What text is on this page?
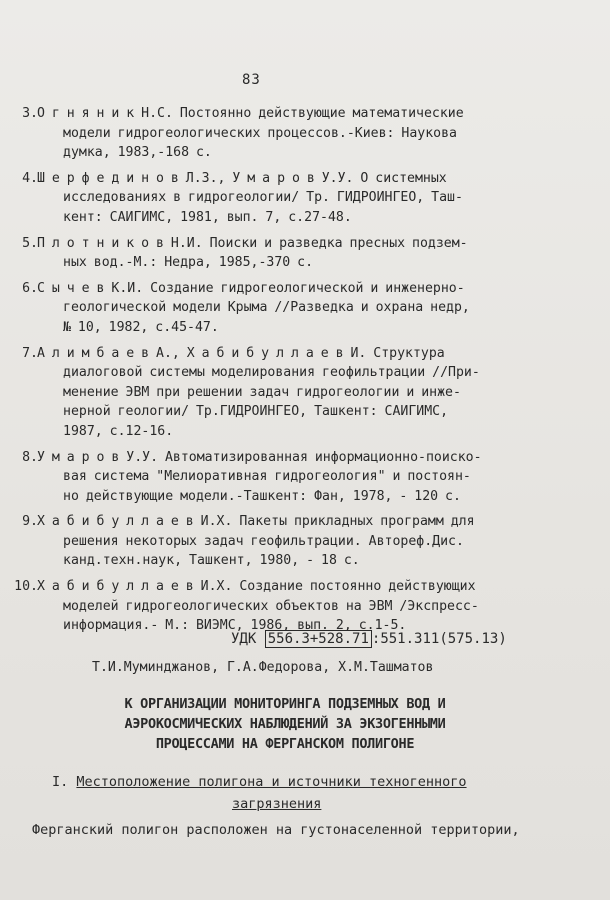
83
3. О г н я н и к Н.С. Постоянно действующие математические
модели гидрогеологических процессов.-Киев: Наукова
думка, 1983,-168 с.
4. Ш е р ф е д и н о в Л.З., У м а р о в У.У. О системных
исследованиях в гидрогеологии/ Тр. ГИДРОИНГЕО, Таш-
кент: САИГИМС, 1981, вып. 7, с.27-48.
5. П л о т н и к о в Н.И. Поиски и разведка пресных подзем-
ных вод.-М.: Недра, 1985,-370 с.
6. С ы ч е в К.И. Создание гидрогеологической и инженерно-
геологической модели Крыма //Разведка и охрана недр,
№ 10, 1982, с.45-47.
7. А л и м б а е в А., Х а б и б у л л а е в И. Структура
диалоговой системы моделирования геофильтрации //При-
менение ЭВМ при решении задач гидрогеологии и инже-
нерной геологии/ Тр.ГИДРОИНГЕО, Ташкент: САИГИМС,
1987, с.12-16.
8. У м а р о в У.У. Автоматизированная информационно-поиско-
вая система "Мелиоративная гидрогеология" и постоян-
но действующие модели.-Ташкент: Фан, 1978, - 120 с.
9. Х а б и б у л л а е в И.Х. Пакеты прикладных программ для
решения некоторых задач геофильтрации. Автореф.Дис.
канд.техн.наук, Ташкент, 1980, - 18 с.
10. Х а б и б у л л а е в И.Х. Создание постоянно действующих
моделей гидрогеологических объектов на ЭВМ /Экспресс-
информация.- М.: ВИЭМС, 1986, вып. 2, с.1-5.
УДК 556.3+528.71 :551.311(575.13)
Т.И.Муминджанов, Г.А.Федорова, Х.М.Ташматов
К ОРГАНИЗАЦИИ МОНИТОРИНГА ПОДЗЕМНЫХ ВОД И
АЭРОКОСМИЧЕСКИХ НАБЛЮДЕНИЙ ЗА ЭКЗОГЕННЫМИ
ПРОЦЕССАМИ НА ФЕРГАНСКОМ ПОЛИГОНЕ
I. Местоположение полигона и источники техногенного
загрязнения
Ферганский полигон расположен на густонаселенной территории,
